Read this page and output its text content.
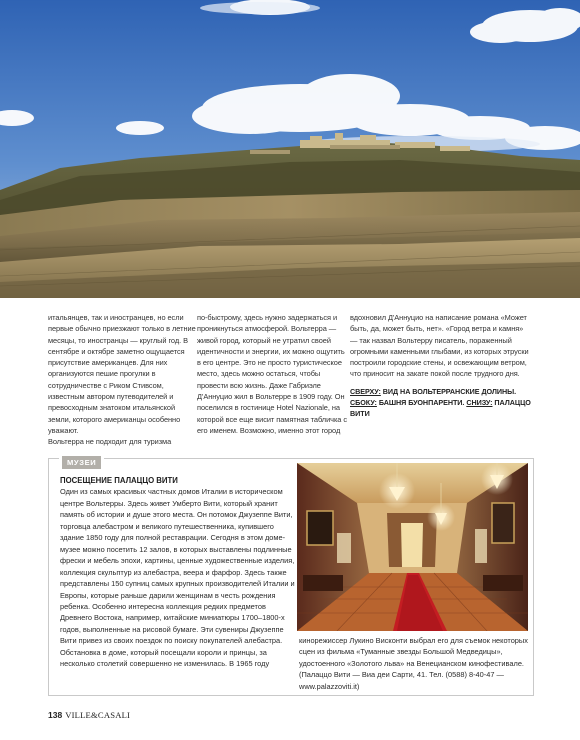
итальянцев, так и иностранцев, но если первые обычно приезжают только в летние месяцы, то иностранцы — круглый год. В сентябре и октябре заметно ощущается присутствие американцев. Для них организуются пешие прогулки в сотрудничестве с Риком Стивсом, известным автором путеводителей и превосходным знатоком итальянской земли, которого американцы особенно уважают.

Вольтерра не подходит для туризма

по-быстрому, здесь нужно задержаться и проникнуться атмосферой. Вольтерра — живой город, который не утратил своей идентичности и энергии, их можно ощутить в его центре. Это не просто туристическое место, здесь можно остаться, чтобы провести всю жизнь. Даже Габриэле Д'Аннуцио жил в Вольтерре в 1909 году. Он поселился в гостинице Hotel Nazionale, на которой все еще висит памятная табличка с его именем. Возможно, именно этот город

вдохновил Д'Аннуцио на написание романа «Может быть, да, может быть, нет». «Город ветра и камня» — так назвал Вольтерру писатель, пораженный огромными каменными глыбами, из которых этруски построили городские стены, и освежающим ветром, что приносит на закате покой после трудного дня.

СВЕРХУ: ВИД НА ВОЛЬТЕРРАНСКИЕ ДОЛИНЫ.
СБОКУ: БАШНЯ БУОНПАРЕНТИ. СНИЗУ: ПАЛАЦЦО ВИТИ
МУЗЕИ
ПОСЕЩЕНИЕ ПАЛАЦЦО ВИТИ

Один из самых красивых частных домов Италии в историческом центре Вольтерры. Здесь живет Умберто Вити, который хранит память об истории и душе этого места. Он потомок Джузеппе Вити, торговца алебастром и великого путешественника, купившего здание 1850 году для полной реставрации. Сегодня в этом доме-музее можно посетить 12 залов, в которых выставлены подлинные фрески и мебель эпохи, картины, ценные художественные изделия, коллекция скульптур из алебастра, веера и фарфор. Здесь также представлены 150 супниц самых крупных производителей Италии и Европы, которые раньше дарили женщинам в честь рождения ребенка. Особенно интересна коллекция редких предметов Древнего Востока, например, китайские миниатюры 1700–1800-х годов, выполненные на рисовой бумаге. Эти сувениры Джузеппе Вити привез из своих поездок по поиску покупателей алебастра. Обстановка в доме, который посещали короли и принцы, за несколько столетий совершенно не изменилась. В 1965 году

кинорежиссер Лукино Висконти выбрал его для съемок некоторых сцен из фильма «Туманные звезды Большой Медведицы», удостоенного «Золотого льва» на Венецианском кинофестивале. (Палаццо Вити — Виа деи Сарти, 41. Тел. (0588) 8-40-47 — www.palazzoviti.it)

138 VILLE&CASALI
